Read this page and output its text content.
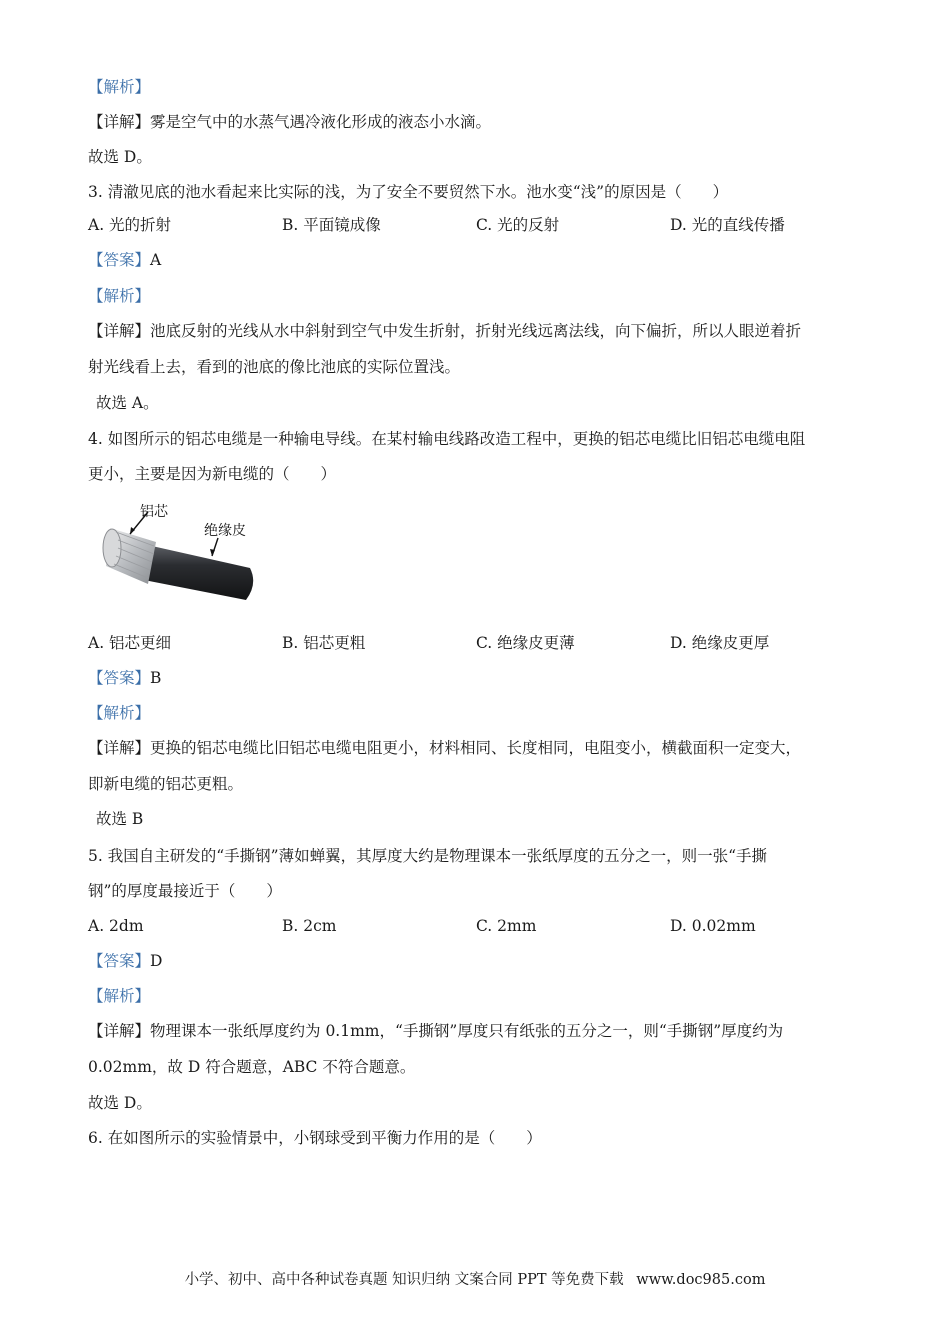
【解析】
【详解】雾是空气中的水蒸气遇冷液化形成的液态小水滴。
故选 D。
3. 清澈见底的池水看起来比实际的浅，为了安全不要贸然下水。池水变“浅”的原因是（　　）
A. 光的折射	B. 平面镜成像	C. 光的反射	D. 光的直线传播
【答案】A
【解析】
【详解】池底反射的光线从水中斜射到空气中发生折射，折射光线远离法线，向下偏折，所以人眼逆着折
射光线看上去，看到的池底的像比池底的实际位置浅。
故选 A。
4. 如图所示的铝芯电缆是一种输电导线。在某村输电线路改造工程中，更换的铝芯电缆比旧铝芯电缆电阻
更小，主要是因为新电缆的（　　）
铝芯
绝缘皮
A. 铝芯更细	B. 铝芯更粗	C. 绝缘皮更薄	D. 绝缘皮更厚
【答案】B
【解析】
【详解】更换的铝芯电缆比旧铝芯电缆电阻更小，材料相同、长度相同，电阻变小，横截面积一定变大，
即新电缆的铝芯更粗。
故选 B
5. 我国自主研发的“手撕钢”薄如蝉翼，其厚度大约是物理课本一张纸厚度的五分之一，则一张“手撕
钢”的厚度最接近于（　　）
A. 2dm	B. 2cm	C. 2mm	D. 0.02mm
【答案】D
【解析】
【详解】物理课本一张纸厚度约为 0.1mm，“手撕钢”厚度只有纸张的五分之一，则“手撕钢”厚度约为
0.02mm，故 D 符合题意，ABC 不符合题意。
故选 D。
6. 在如图所示的实验情景中，小钢球受到平衡力作用的是（　　）
小学、初中、高中各种试卷真题 知识归纳 文案合同 PPT 等免费下载 www.doc985.com
